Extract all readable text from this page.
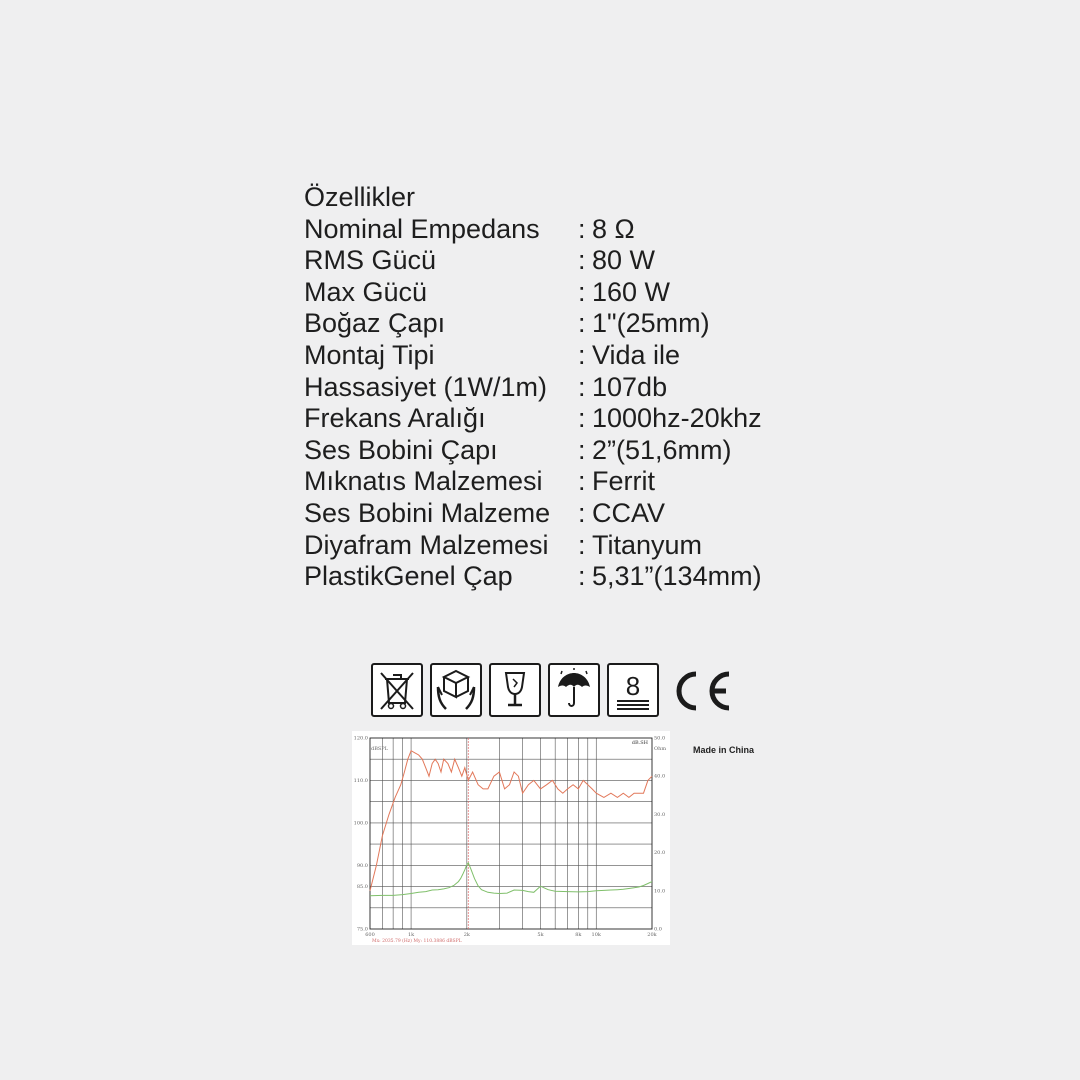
Özellikler
Nominal Empedans : 8 Ω
RMS Gücü	: 80 W
Max Gücü	: 160 W
Boğaz Çapı	: 1"(25mm)
Montaj Tipi	: Vida ile
Hassasiyet (1W/1m) : 107db
Frekans Aralığı	: 1000hz-20khz
Ses Bobini Çapı	: 2”(51,6mm)
Mıknatıs Malzemesi : Ferrit
Ses Bobini Malzeme : CCAV
Diyafram Malzemesi : Titanyum
PlastikGenel Çap : 5,31”(134mm)
8
120.0
110.0
100.0
90.0
85.0
75.0
50.0
40.0
30.0
20.0
10.0
0.0
600	1k	2k	5k	8k 10k	20k
dBSPL	Ohm
dB.SH
Mx: 2035.79 (Hz) My: 110.3886 dBSPL
Made in China
